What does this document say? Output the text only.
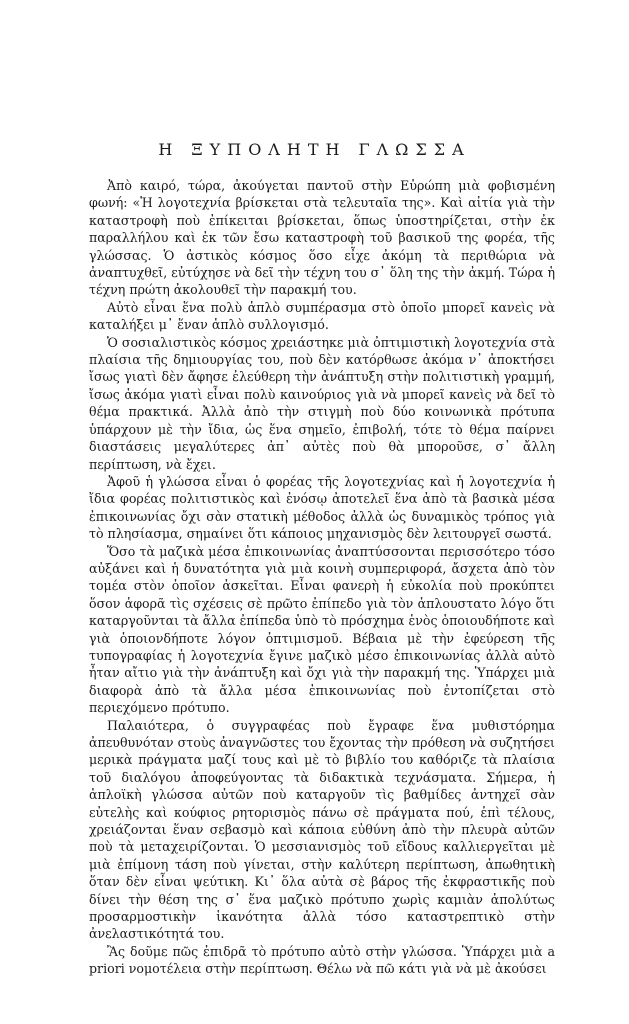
Η ΞΥΠΟΛΗΤΗ ΓΛΩΣΣΑ

Ἀπὸ καιρό, τώρα, ἀκούγεται παντοῦ στὴν Εὐρώπη μιὰ φοβισμένη φωνή: «Ἡ λογοτεχνία βρίσκεται στὰ τελευταῖα της». Καὶ αἰτία γιὰ τὴν καταστροφὴ ποὺ ἐπίκειται βρίσκεται, ὅπως ὑποστηρίζεται, στὴν ἐκ παραλλήλου καὶ ἐκ τῶν ἔσω καταστροφὴ τοῦ βασικοῦ της φορέα, τῆς γλώσσας. Ὁ ἀστικὸς κόσμος ὅσο εἶχε ἀκόμη τὰ περιθώρια νὰ ἀναπτυχθεῖ, εὐτύχησε νὰ δεῖ τὴν τέχνη του σ᾿ ὅλη της τὴν ἀκμή. Τώρα ἡ τέχνη πρώτη ἀκολουθεῖ τὴν παρακμή του.

Αὐτὸ εἶναι ἕνα πολὺ ἁπλὸ συμπέρασμα στὸ ὁποῖο μπορεῖ κανεὶς νὰ καταλήξει μ᾿ ἕναν ἁπλὸ συλλογισμό.

Ὁ σοσιαλιστικὸς κόσμος χρειάστηκε μιὰ ὀπτιμιστικὴ λογοτεχνία στὰ πλαίσια τῆς δημιουργίας του, ποὺ δὲν κατόρθωσε ἀκόμα ν᾿ ἀποκτήσει ἴσως γιατὶ δὲν ἄφησε ἐλεύθερη τὴν ἀνάπτυξη στὴν πολιτιστικὴ γραμμή, ἴσως ἀκόμα γιατὶ εἶναι πολὺ καινούριος γιὰ νὰ μπορεῖ κανεὶς νὰ δεῖ τὸ θέμα πρακτικά. Ἀλλὰ ἀπὸ τὴν στιγμὴ ποὺ δύο κοινωνικὰ πρότυπα ὑπάρχουν μὲ τὴν ἴδια, ὡς ἕνα σημεῖο, ἐπιβολή, τότε τὸ θέμα παίρνει διαστάσεις μεγαλύτερες ἀπ᾿ αὐτὲς ποὺ θὰ μποροῦσε, σ᾿ ἄλλη περίπτωση, νὰ ἔχει.

Ἀφοῦ ἡ γλώσσα εἶναι ὁ φορέας τῆς λογοτεχνίας καὶ ἡ λογοτεχνία ἡ ἴδια φορέας πολιτιστικὸς καὶ ἐνόσῳ ἀποτελεῖ ἕνα ἀπὸ τὰ βασικὰ μέσα ἐπικοινωνίας ὄχι σὰν στατικὴ μέθοδος ἀλλὰ ὡς δυναμικὸς τρόπος γιὰ τὸ πλησίασμα, σημαίνει ὅτι κάποιος μηχανισμὸς δὲν λειτουργεῖ σωστά.

Ὅσο τὰ μαζικὰ μέσα ἐπικοινωνίας ἀναπτύσσονται περισσότερο τόσο αὐξάνει καὶ ἡ δυνατότητα γιὰ μιὰ κοινὴ συμπεριφορά, ἄσχετα ἀπὸ τὸν τομέα στὸν ὁποῖον ἀσκεῖται. Εἶναι φανερὴ ἡ εὐκολία ποὺ προκύπτει ὅσον ἀφορᾶ τὶς σχέσεις σὲ πρῶτο ἐπίπεδο γιὰ τὸν ἁπλουστατο λόγο ὅτι καταργοῦνται τὰ ἄλλα ἐπίπεδα ὑπὸ τὸ πρόσχημα ἑνὸς ὁποιουδήποτε καὶ γιὰ ὁποιονδήποτε λόγον ὀπτιμισμοῦ. Βέβαια μὲ τὴν ἐφεύρεση τῆς τυπογραφίας ἡ λογοτεχνία ἔγινε μαζικὸ μέσο ἐπικοινωνίας ἀλλὰ αὐτὸ ἦταν αἴτιο γιὰ τὴν ἀνάπτυξη καὶ ὄχι γιὰ τὴν παρακμή της. Ὑπάρχει μιὰ διαφορὰ ἀπὸ τὰ ἄλλα μέσα ἐπικοινωνίας ποὺ ἐντοπίζεται στὸ περιεχόμενο πρότυπο.

Παλαιότερα, ὁ συγγραφέας ποὺ ἔγραφε ἕνα μυθιστόρημα ἀπευθυνόταν στοὺς ἀναγνῶστες του ἔχοντας τὴν πρόθεση νὰ συζητήσει μερικὰ πράγματα μαζί τους καὶ μὲ τὸ βιβλίο του καθόριζε τὰ πλαίσια τοῦ διαλόγου ἀποφεύγοντας τὰ διδακτικὰ τεχνάσματα. Σήμερα, ἡ ἁπλοϊκὴ γλώσσα αὐτῶν ποὺ καταργοῦν τὶς βαθμίδες ἀντηχεῖ σὰν εὐτελὴς καὶ κούφιος ρητορισμὸς πάνω σὲ πράγματα πού, ἐπὶ τέλους, χρειάζονται ἕναν σεβασμὸ καὶ κάποια εὐθύνη ἀπὸ τὴν πλευρὰ αὐτῶν ποὺ τὰ μεταχειρίζονται. Ὁ μεσσιανισμὸς τοῦ εἴδους καλλιεργεῖται μὲ μιὰ ἐπίμονη τάση ποὺ γίνεται, στὴν καλύτερη περίπτωση, ἀπωθητικὴ ὅταν δὲν εἶναι ψεύτικη. Κι᾿ ὅλα αὐτὰ σὲ βάρος τῆς ἐκφραστικῆς ποὺ δίνει τὴν θέση της σ᾿ ἕνα μαζικὸ πρότυπο χωρὶς καμιὰν ἀπολύτως προσαρμοστικὴν ἱκανότητα ἀλλὰ τόσο καταστρεπτικὸ στὴν ἀνελαστικότητά του.

Ἂς δοῦμε πῶς ἐπιδρᾶ τὸ πρότυπο αὐτὸ στὴν γλώσσα. Ὑπάρχει μιὰ a priori νομοτέλεια στὴν περίπτωση. Θέλω νὰ πῶ κάτι γιὰ νὰ μὲ ἀκούσει
